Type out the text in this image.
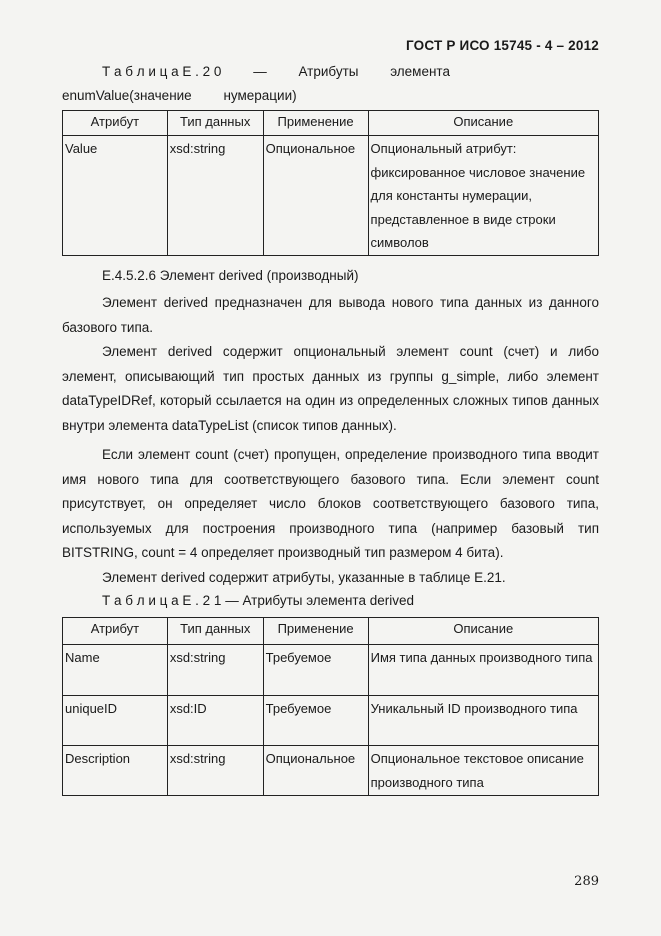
ГОСТ Р ИСО 15745 - 4 – 2012
Т а б л и ц а Е . 2 0 — Атрибуты элемента enumValue(значение нумерации)
Атрибут	Тип данных	Применение	Описание
Value	xsd:string	Опциональное	Опциональный атрибут: фиксированное числовое значение для константы нумерации, представленное в виде строки символов
E.4.5.2.6 Элемент derived (производный)

Элемент derived предназначен для вывода нового типа данных из данного базового типа.

Элемент derived содержит опциональный элемент count (счет) и либо элемент, описывающий тип простых данных из группы g_simple, либо элемент dataTypeIDRef, который ссылается на один из определенных сложных типов данных внутри элемента dataTypeList (список типов данных).

Если элемент count (счет) пропущен, определение производного типа вводит имя нового типа для соответствующего базового типа. Если элемент count присутствует, он определяет число блоков соответствующего базового типа, используемых для построения производного типа (например базовый тип BITSTRING, count = 4 определяет производный тип размером 4 бита).

Элемент derived содержит атрибуты, указанные в таблице Е.21.

Т а б л и ц а Е . 2 1 — Атрибуты элемента derived
Атрибут	Тип данных	Применение	Описание
Name	xsd:string	Требуемое	Имя типа данных производного типа
uniqueID	xsd:ID	Требуемое	Уникальный ID производного типа
Description	xsd:string	Опциональное	Опциональное текстовое описание производного типа
289
